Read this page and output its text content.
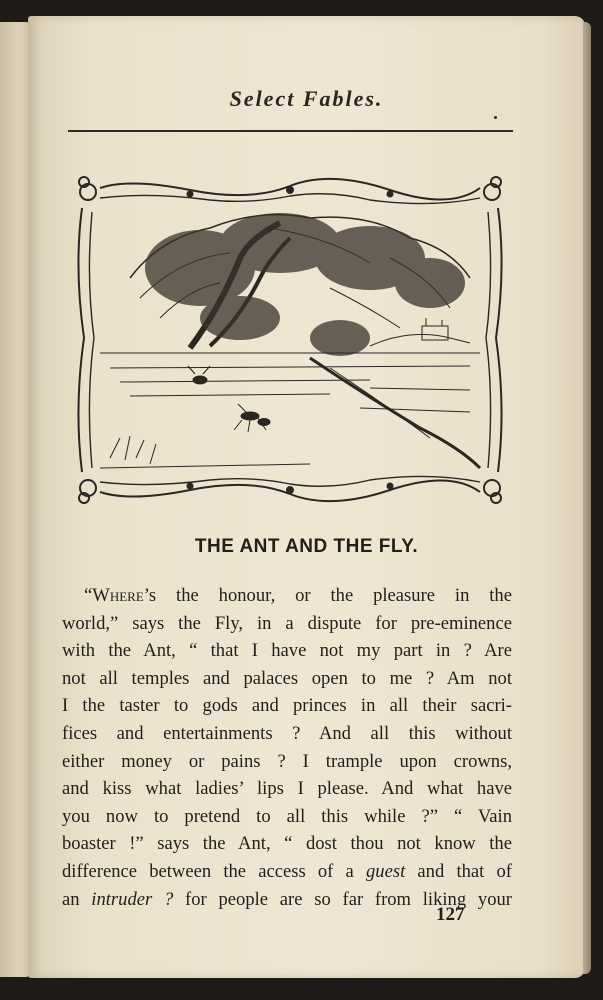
Select Fables.
THE ANT AND THE FLY.
“Where’s the honour, or the pleasure in the
world,” says the Fly, in a dispute for pre-eminence
with the Ant, “ that I have not my part in ? Are
not all temples and palaces open to me ? Am not
I the taster to gods and princes in all their sacri-
fices and entertainments ? And all this without
either money or pains ? I trample upon crowns,
and kiss what ladies’ lips I please. And what have
you now to pretend to all this while ?” “ Vain
boaster !” says the Ant, “ dost thou not know the
difference between the access of a guest and that of
an intruder ? for people are so far from liking your
127
